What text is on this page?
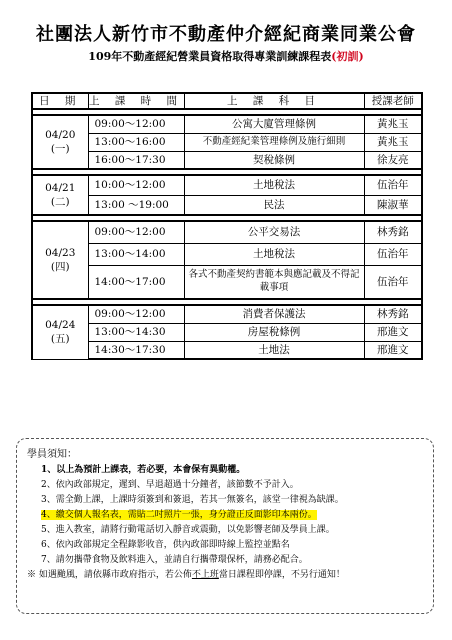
社團法人新竹市不動產仲介經紀商業同業公會
109年不動產經紀營業員資格取得專業訓練課程表(初訓)
日 期	上 課 時 間	上 課 科 目	授課老師

04/20
(一)	09:00～12:00	公寓大廈管理條例	黃兆玉
	13:00～16:00	不動產經紀業管理條例及施行細則	黃兆玉
	16:00～17:30	契稅條例	徐友亮

04/21
(二)	10:00～12:00	土地稅法	伍治年
	13:00 ～19:00	民法	陳淑華

04/23
(四)	09:00～12:00	公平交易法	林秀銘
	13:00～14:00	土地稅法	伍治年
	14:00～17:00	各式不動產契約書範本與應記載及不得記載事項	伍治年

04/24
(五)	09:00～12:00	消費者保護法	林秀銘
	13:00～14:30	房屋稅條例	邢進文
	14:30～17:30	土地法	邢進文
學員須知：
1、以上為預計上課表，若必要，本會保有異動權。
2、依內政部規定，遲到、早退超過十分鐘者，該節數不予計入。
3、需全勤上課，上課時須簽到和簽退，若其一無簽名，該堂一律視為缺課。
4、繳交個人報名表，需貼二吋照片一張，身分證正反面影印本兩份。
5、進入教室，請將行動電話切入靜音或震動，以免影響老師及學員上課。
6、依內政部規定全程錄影收音，供內政部即時線上監控並點名
7、請勿攜帶食物及飲料進入，並請自行攜帶環保杯，請務必配合。
※ 如遇颱風，請依縣市政府指示，若公佈不上班當日課程即停課，不另行通知！
